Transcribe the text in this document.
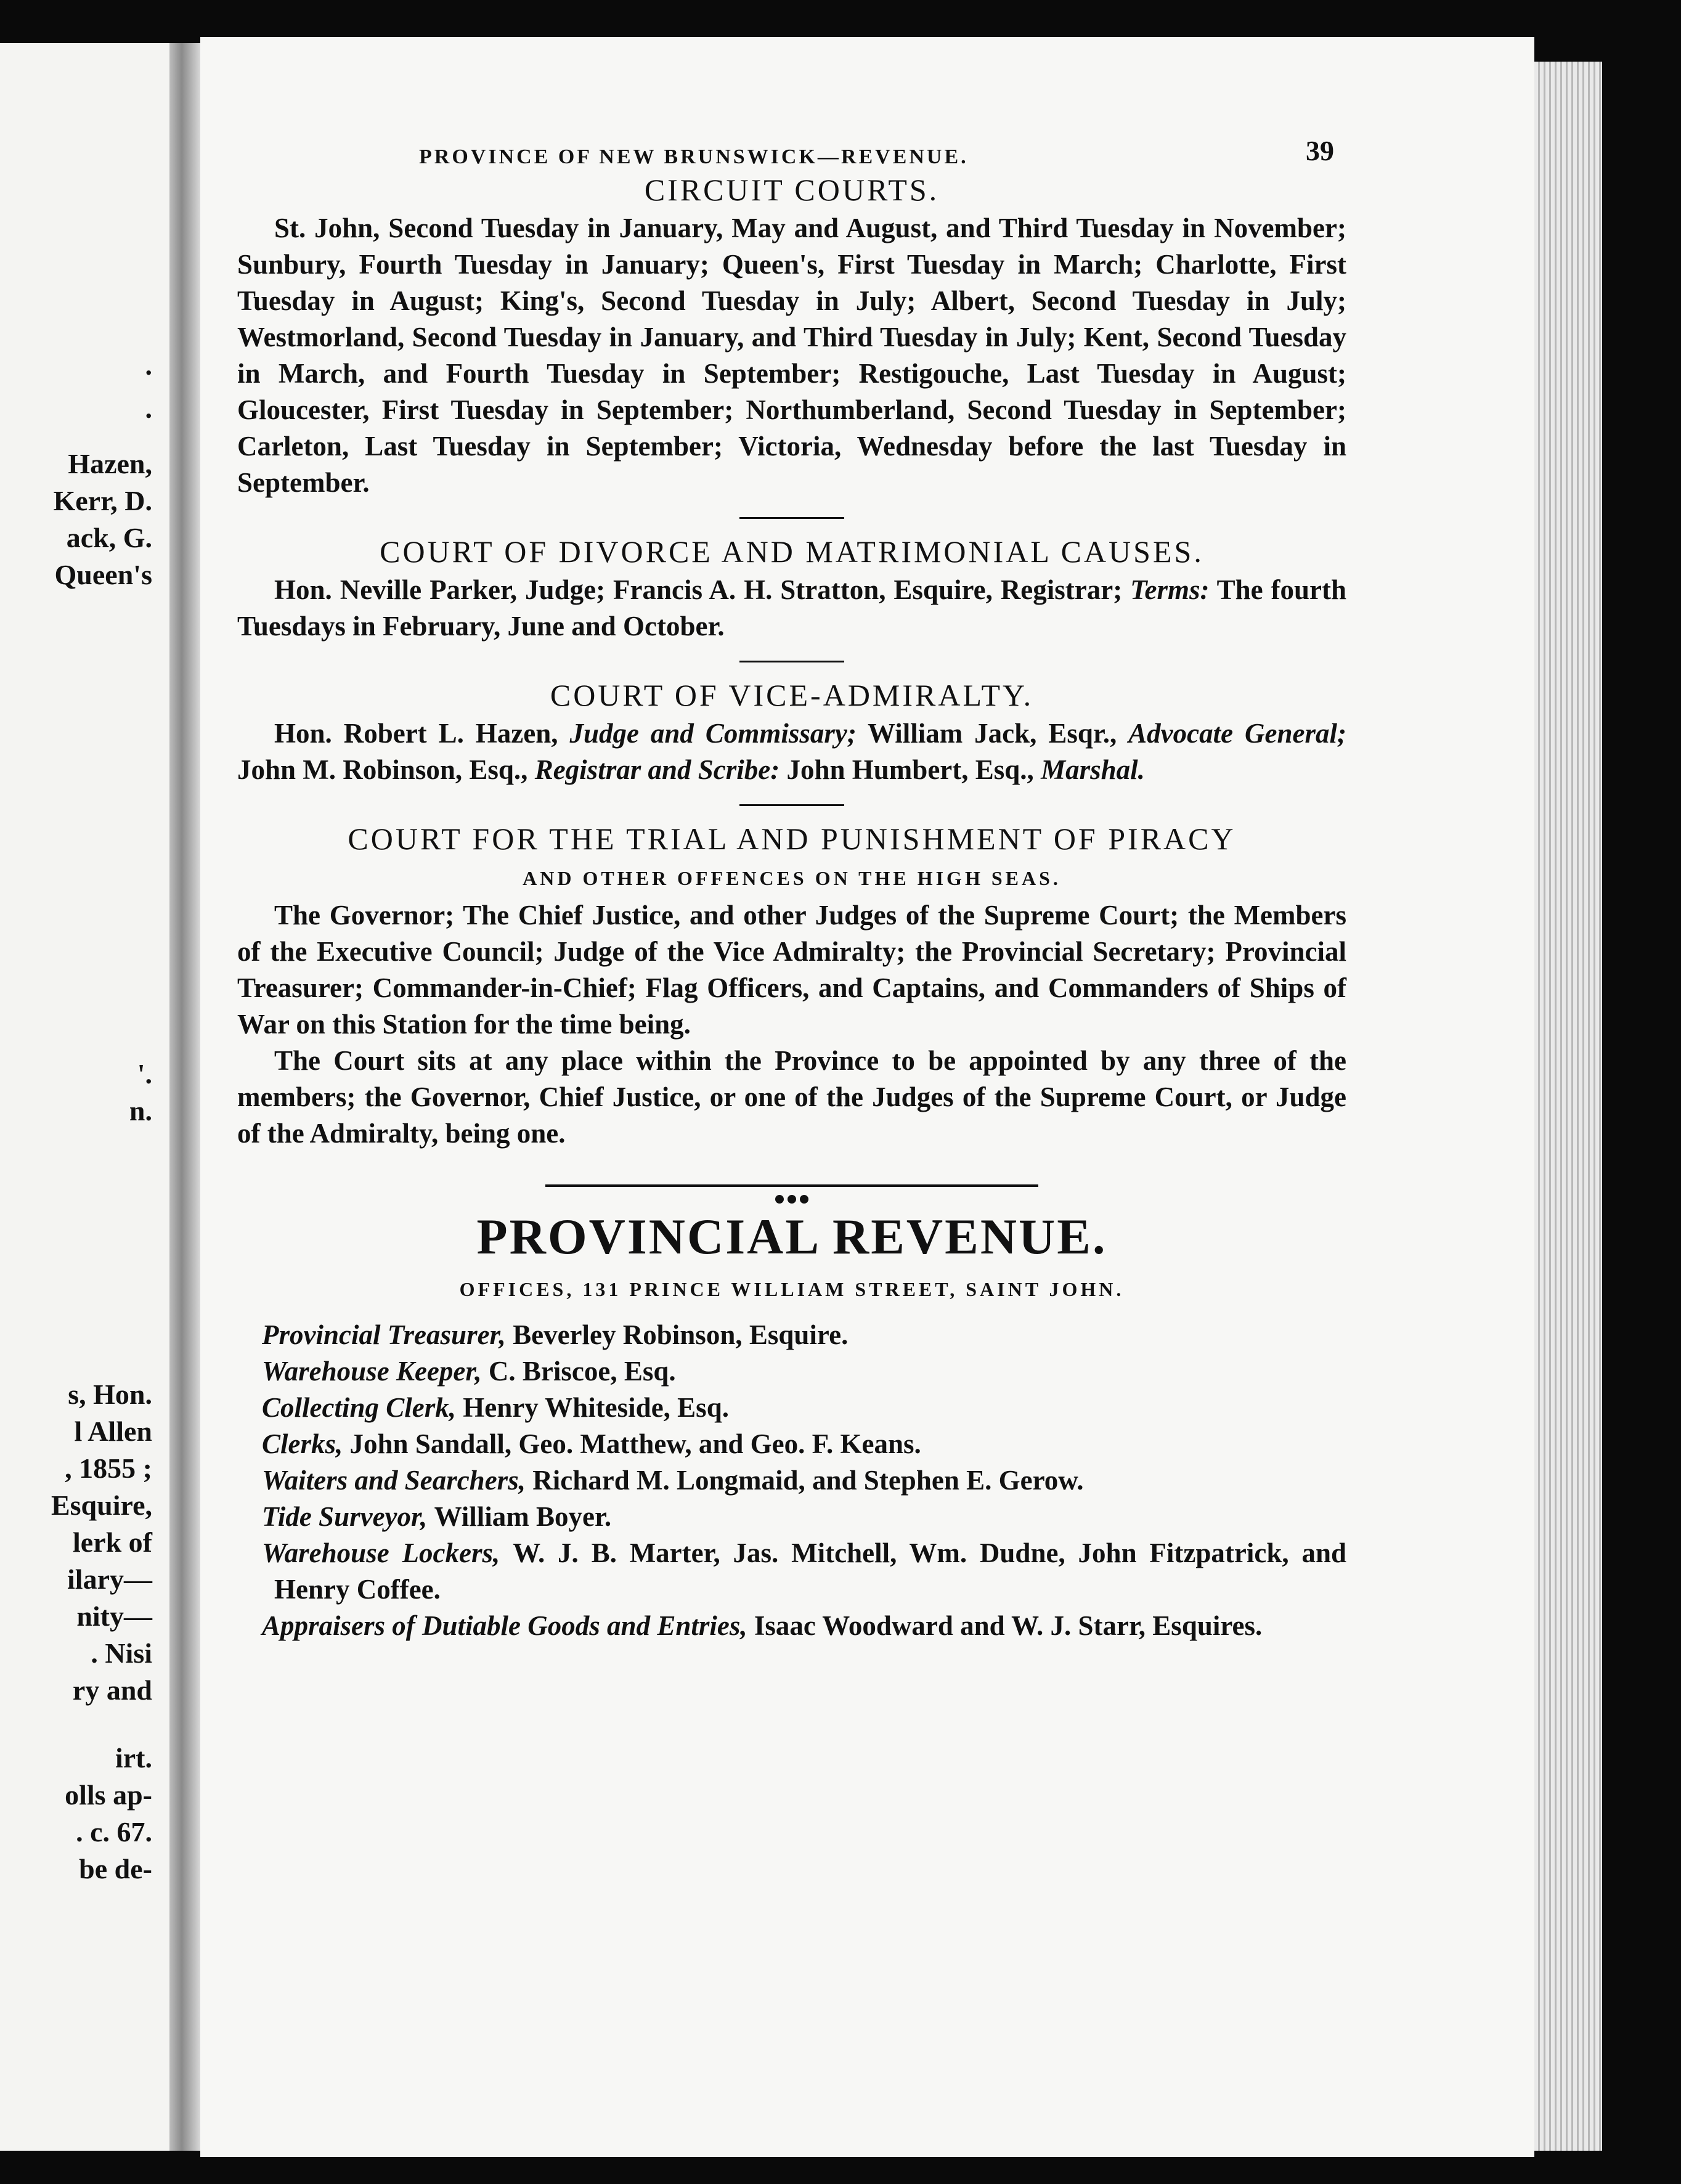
.
.
Hazen,
Kerr, D.
ack, G.
Queen's
'.
n.
s, Hon.
l Allen
, 1855 ;
Esquire,
lerk of
ilary—
nity—
. Nisi
ry and
irt.
olls ap-
. c. 67.
be de-
PROVINCE OF NEW BRUNSWICK—REVENUE.	39
CIRCUIT COURTS.

St. John, Second Tuesday in January, May and August, and Third Tuesday in November; Sunbury, Fourth Tuesday in January; Queen's, First Tuesday in March; Charlotte, First Tuesday in August; King's, Second Tuesday in July; Albert, Second Tuesday in July; Westmorland, Second Tuesday in January, and Third Tuesday in July; Kent, Second Tuesday in March, and Fourth Tuesday in September; Restigouche, Last Tuesday in August; Gloucester, First Tuesday in September; Northumberland, Second Tuesday in September; Carleton, Last Tuesday in September; Victoria, Wednesday before the last Tuesday in September.

COURT OF DIVORCE AND MATRIMONIAL CAUSES.

Hon. Neville Parker, Judge; Francis A. H. Stratton, Esquire, Registrar; Terms: The fourth Tuesdays in February, June and October.

COURT OF VICE-ADMIRALTY.

Hon. Robert L. Hazen, Judge and Commissary; William Jack, Esqr., Advocate General; John M. Robinson, Esq., Registrar and Scribe: John Humbert, Esq., Marshal.

COURT FOR THE TRIAL AND PUNISHMENT OF PIRACY
AND OTHER OFFENCES ON THE HIGH SEAS.

The Governor; The Chief Justice, and other Judges of the Supreme Court; the Members of the Executive Council; Judge of the Vice Admiralty; the Provincial Secretary; Provincial Treasurer; Commander-in-Chief; Flag Officers, and Captains, and Commanders of Ships of War on this Station for the time being.

The Court sits at any place within the Province to be appointed by any three of the members; the Governor, Chief Justice, or one of the Judges of the Supreme Court, or Judge of the Admiralty, being one.

PROVINCIAL REVENUE.
OFFICES, 131 PRINCE WILLIAM STREET, SAINT JOHN.

Provincial Treasurer, Beverley Robinson, Esquire.

Warehouse Keeper, C. Briscoe, Esq.

Collecting Clerk, Henry Whiteside, Esq.

Clerks, John Sandall, Geo. Matthew, and Geo. F. Keans.

Waiters and Searchers, Richard M. Longmaid, and Stephen E. Gerow.

Tide Surveyor, William Boyer.

Warehouse Lockers, W. J. B. Marter, Jas. Mitchell, Wm. Dudne, John Fitzpatrick, and Henry Coffee.

Appraisers of Dutiable Goods and Entries, Isaac Woodward and W. J. Starr, Esquires.
